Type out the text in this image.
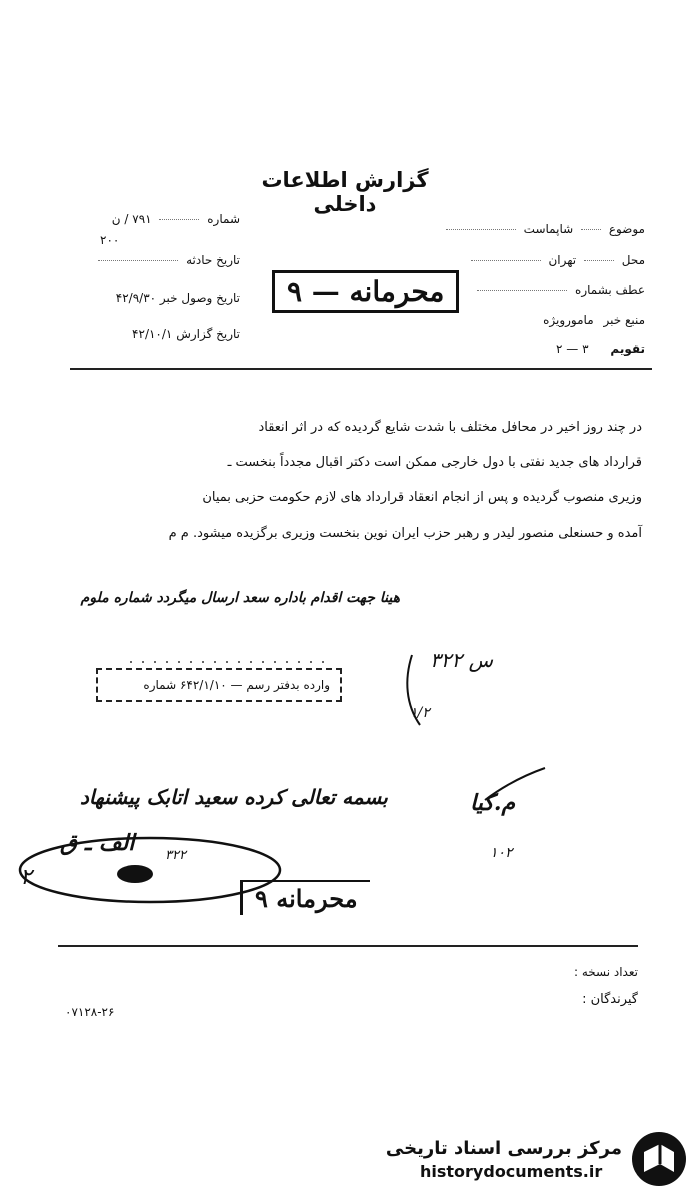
گزارش اطلاعات داخلی
موضوع  شاپماست
محل  تهران
عطف بشماره
منبع خبر مامورویژه
تقویم ۳ — ۲
شماره  ۷۹۱ / ن
۲۰۰
تاریخ حادثه
تاریخ وصول خبر ۴۲/۹/۳۰
تاریخ گزارش ۴۲/۱۰/۱
محرمانه — ۹
در چند روز اخیر در محافل مختلف با شدت شایع گردیده که در اثر انعقاد
قرارداد های جدید نفتی با دول خارجی ممکن است دکتر اقبال مجدداً بنخست ـ
وزیری منصوب گردیده و پس از انجام انعقاد قرارداد های لازم حکومت حزبی بمیان
آمده و حسنعلی منصور لیدر و رهبر حزب ایران نوین بنخست وزیری برگزیده میشود. م م
هینا جهت اقدام باداره سعد ارسال میگردد شماره ملوم
وارده بدفتر رسم — ۶۴۲/۱/۱۰ شماره
س ۳۲۲
۱/۲
م.کیا
۱۰۲
بسمه تعالی کرده سعید اتابک پیشنهاد
الف ـ ق ۳۲۲
۲
محرمانه ۹
تعداد نسخه :
گیرندگان :
۰۷۱۲۸-۲۶
مرکز بررسی اسناد تاریخی
historydocuments.ir
